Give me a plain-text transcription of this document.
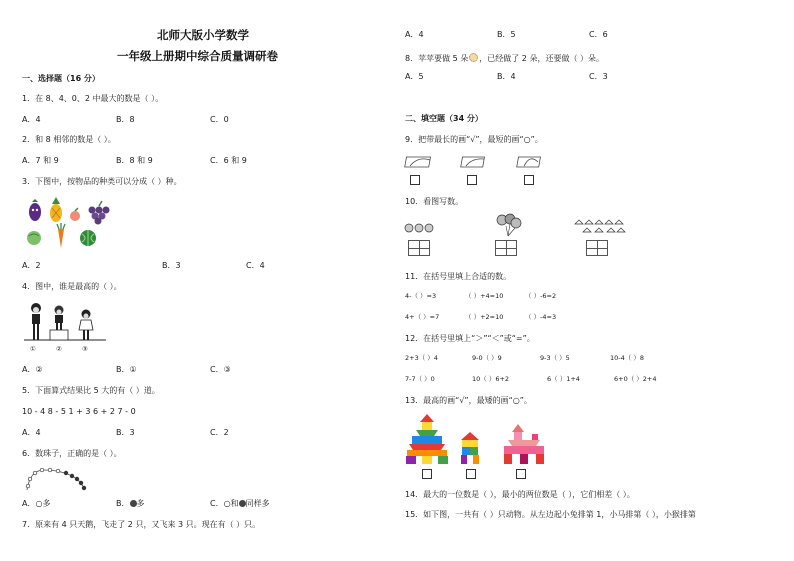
北师大版小学数学
一年级上册期中综合质量调研卷
一、选择题（16 分）
1．在 8、4、0、2 中最大的数是（ ）。
A．4	B．8	C．0
2．和 8 相邻的数是（ ）。
A．7 和 9	B．8 和 9	C．6 和 9
3．下图中，按物品的种类可以分成（ ）种。
A．2	B．3	C．4
4．图中，谁是最高的（ ）。
①	②	③
A．②	B．①	C．③
5．下面算式结果比 5 大的有（ ）道。
10 - 4 8 - 5 1 + 3 6 + 2 7 - 0
A．4	B．3	C．2
6．数珠子，正确的是（ ）。
A．○多	B． 多	C．○和 同样多
7．原来有 4 只天鹅，飞走了 2 只，又飞来 3 只。现在有（ ）只。
A．4	B．5	C．6
8．苹苹要做 5 朵 ，已经做了 2 朵，还要做（ ）朵。
A．5	B．4	C．3
二、填空题（34 分）
9．把带最长的画“√”，最短的画“○”。
10．看图写数。
11．在括号里填上合适的数。
4-（ ）=3	（ ）+4=10	（ ）-6=2
4+（ ）=7	（ ）+2=10	（ ）-4=3
12．在括号里填上“＞”“＜”或“=”。
2+3（ ）4	9-0（ ）9	9-3（ ）5	10-4（ ）8
7-7（ ）0	10（ ）6+2	6（ ）1+4	6+0（ ）2+4
13．最高的画“√”，最矮的画“○”。
14．最大的一位数是（ ），最小的两位数是（ ），它们相差（ ）。
15．如下图，一共有（ ）只动物。从左边起小兔排第 1，小马排第（ ），小猴排第
